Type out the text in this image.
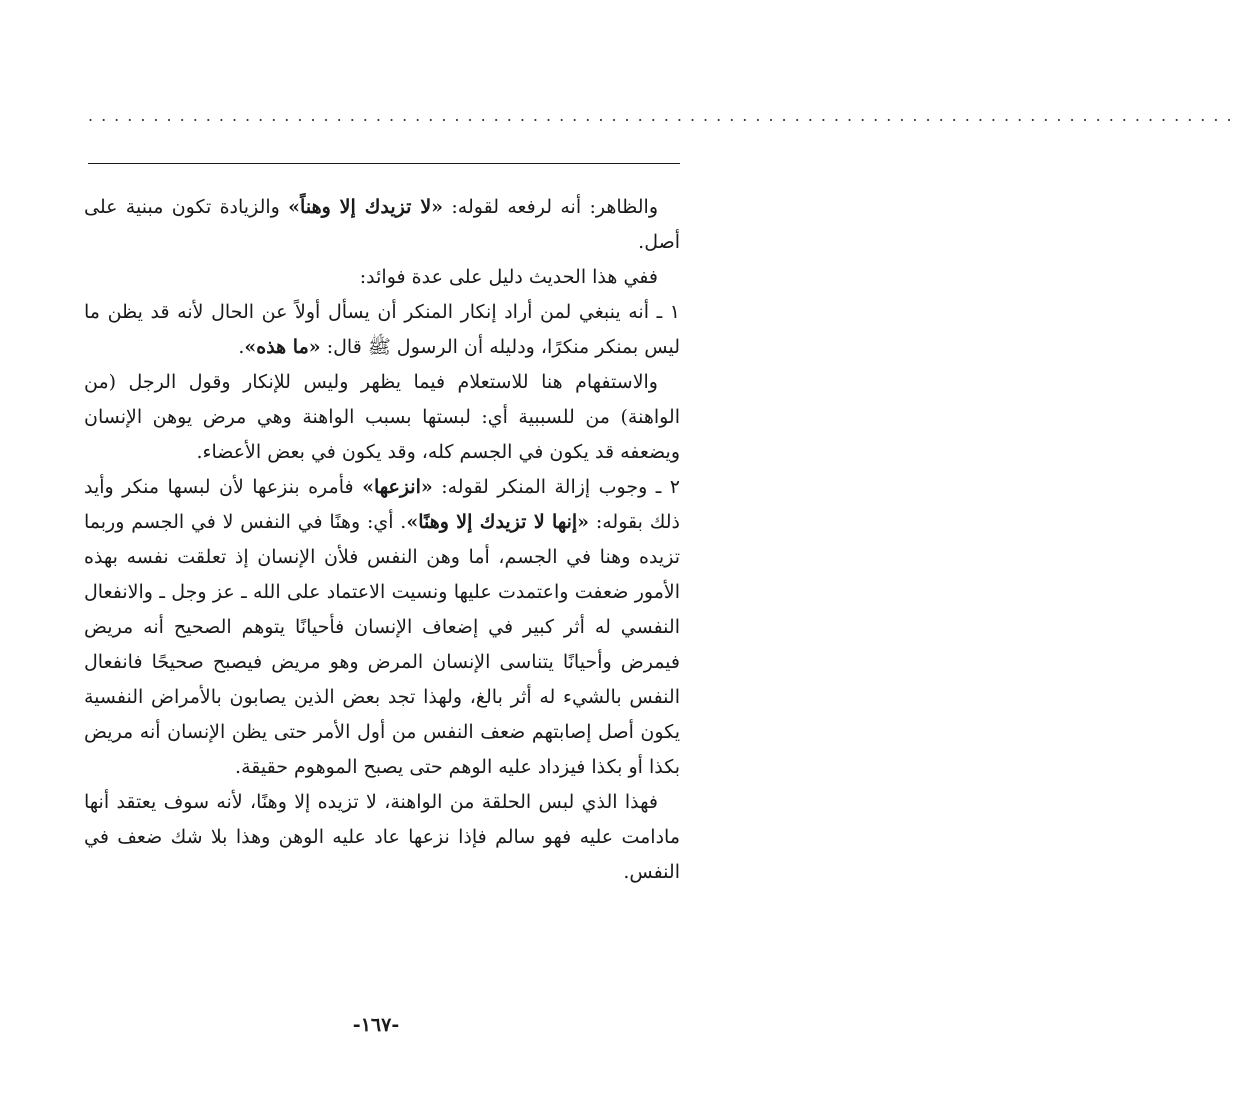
........................................................................................

والظاهر: أنه لرفعه لقوله: «لا تزيدك إلا وهناً» والزيادة تكون مبنية على أصل.

ففي هذا الحديث دليل على عدة فوائد:

١ ـ أنه ينبغي لمن أراد إنكار المنكر أن يسأل أولاً عن الحال لأنه قد يظن ما ليس بمنكر منكرًا، ودليله أن الرسول ﷺ قال: «ما هذه».

والاستفهام هنا للاستعلام فيما يظهر وليس للإنكار وقول الرجل (من الواهنة) من للسببية أي: لبستها بسبب الواهنة وهي مرض يوهن الإنسان ويضعفه قد يكون في الجسم كله، وقد يكون في بعض الأعضاء.

٢ ـ وجوب إزالة المنكر لقوله: «انزعها» فأمره بنزعها لأن لبسها منكر وأيد ذلك بقوله: «إنها لا تزيدك إلا وهنًا». أي: وهنًا في النفس لا في الجسم وربما تزيده وهنا في الجسم، أما وهن النفس فلأن الإنسان إذ تعلقت نفسه بهذه الأمور ضعفت واعتمدت عليها ونسيت الاعتماد على الله ـ عز وجل ـ والانفعال النفسي له أثر كبير في إضعاف الإنسان فأحيانًا يتوهم الصحيح أنه مريض فيمرض وأحيانًا يتناسى الإنسان المرض وهو مريض فيصبح صحيحًا فانفعال النفس بالشيء له أثر بالغ، ولهذا تجد بعض الذين يصابون بالأمراض النفسية يكون أصل إصابتهم ضعف النفس من أول الأمر حتى يظن الإنسان أنه مريض بكذا أو بكذا فيزداد عليه الوهم حتى يصبح الموهوم حقيقة.

فهذا الذي لبس الحلقة من الواهنة، لا تزيده إلا وهنًا، لأنه سوف يعتقد أنها مادامت عليه فهو سالم فإذا نزعها عاد عليه الوهن وهذا بلا شك ضعف في النفس.

-١٦٧-
